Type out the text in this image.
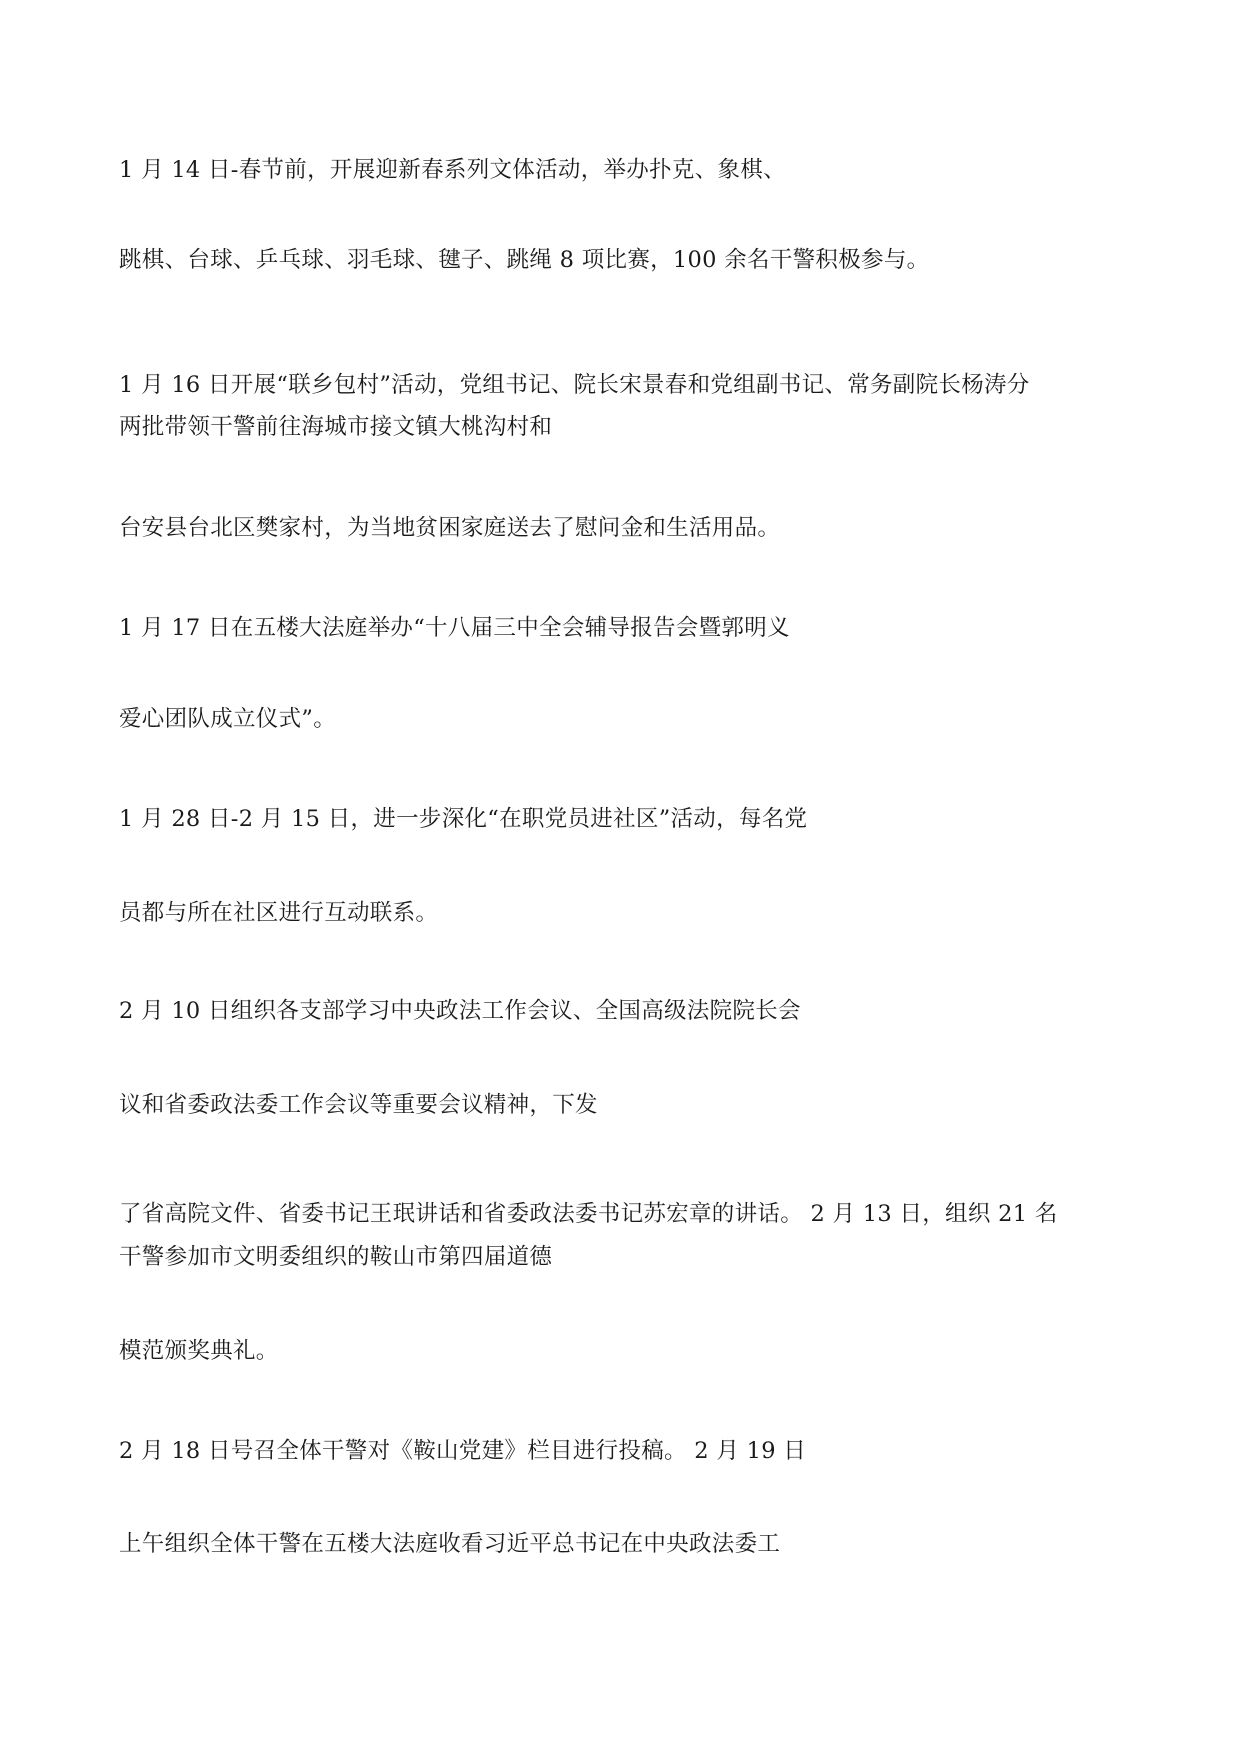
1 月 14 日-春节前，开展迎新春系列文体活动，举办扑克、象棋、
跳棋、台球、乒乓球、羽毛球、毽子、跳绳 8 项比赛，100 余名干警积极参与。
1 月 16 日开展“联乡包村”活动，党组书记、院长宋景春和党组副书记、常务副院长杨涛分
两批带领干警前往海城市接文镇大桃沟村和
台安县台北区樊家村，为当地贫困家庭送去了慰问金和生活用品。
1 月 17 日在五楼大法庭举办“十八届三中全会辅导报告会暨郭明义
爱心团队成立仪式”。
1 月 28 日-2 月 15 日，进一步深化“在职党员进社区”活动，每名党
员都与所在社区进行互动联系。
2 月 10 日组织各支部学习中央政法工作会议、全国高级法院院长会
议和省委政法委工作会议等重要会议精神，下发
了省高院文件、省委书记王珉讲话和省委政法委书记苏宏章的讲话。 2 月 13 日，组织 21 名
干警参加市文明委组织的鞍山市第四届道德
模范颁奖典礼。
2 月 18 日号召全体干警对《鞍山党建》栏目进行投稿。 2 月 19 日
上午组织全体干警在五楼大法庭收看习近平总书记在中央政法委工
